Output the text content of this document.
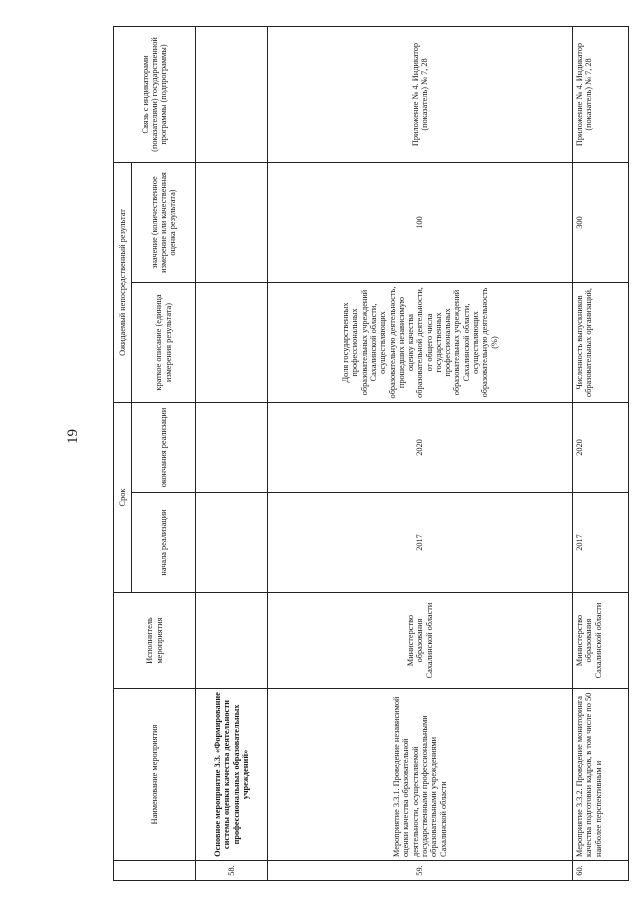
19
	Наименование мероприятия	Исполнитель мероприятия	Срок		Ожидаемый непосредственный результат		Связь с индикаторами (показателями) государственной программы (подпрограммы)
			начала реализации	окончания реализации	краткое описание (единица измерения результата)	значение (количественное измерение или качественная оценка результата)	
58.	Основное мероприятие 3.3. «Формирование системы оценки качества деятельности профессиональных образовательных учреждений»						
59.	Мероприятие 3.3.1. Проведение независимой оценки качества образовательной деятельности, осуществляемой государственными профессиональными образовательными учреждениями Сахалинской области	Министерство образования Сахалинской области	2017	2020	Доля государственных профессиональных образовательных учреждений Сахалинской области, осуществляющих образовательную деятельность, прошедших независимую оценку качества образовательной деятельности, от общего числа государственных профессиональных образовательных учреждений Сахалинской области, осуществляющих образовательную деятельность (%)	100	Приложение № 4. Индикатор (показатель) № 7, 28
60.	Мероприятие 3.3.2. Проведение мониторинга качества подготовки кадров, в том числе по 50 наиболее перспективным и	Министерство образования Сахалинской области	2017	2020	Численность выпускников образовательных организаций,	300	Приложение № 4. Индикатор (показатель) № 7, 28
